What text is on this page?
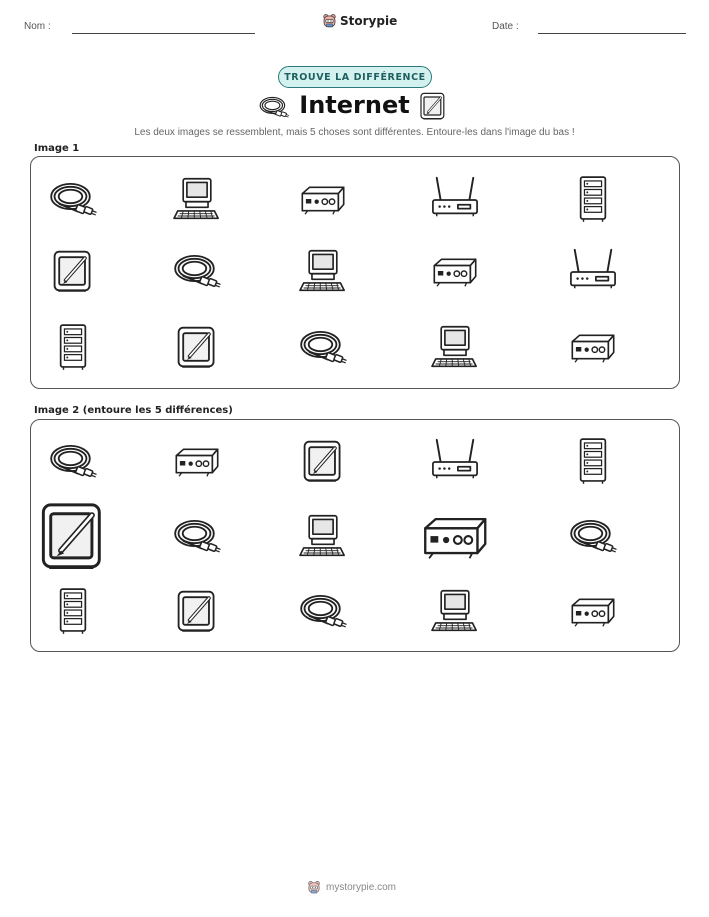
Nom :	Storypie	Date :
TROUVE LA DIFFÉRENCE
Internet
Les deux images se ressemblent, mais 5 choses sont différentes. Entoure-les dans l'image du bas !
Image 1
Image 2 (entoure les 5 différences)
mystorypie.com
